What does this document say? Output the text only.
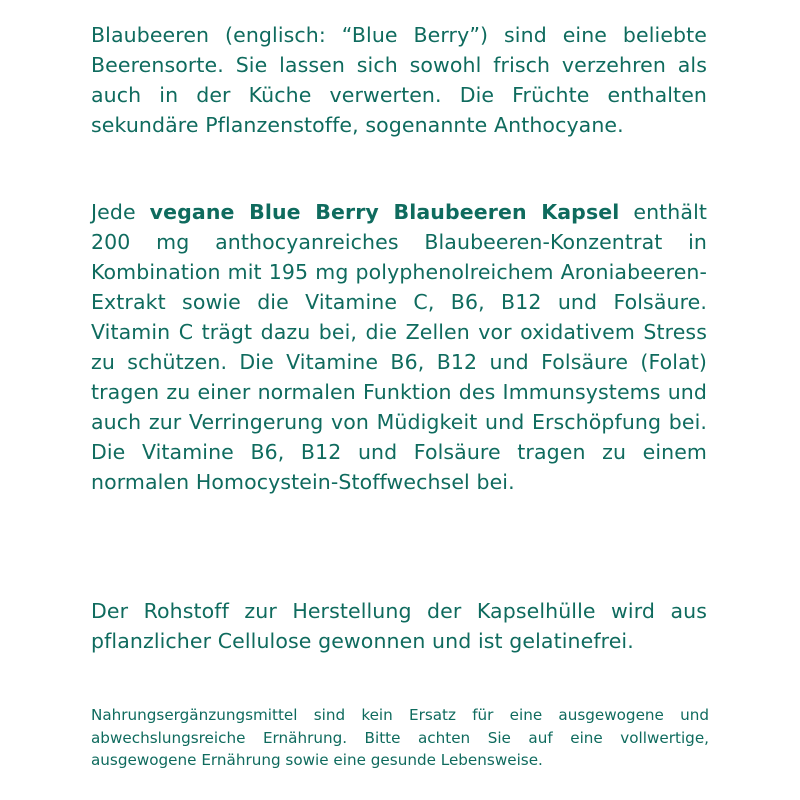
Blaubeeren (englisch: “Blue Berry”) sind eine beliebte Beerensorte. Sie lassen sich sowohl frisch verzehren als auch in der Küche verwerten. Die Früchte enthalten sekundäre Pflanzenstoffe, sogenannte Anthocyane.

Jede vegane Blue Berry Blaubeeren Kapsel enthält 200 mg anthocyanreiches Blaubeeren-Konzentrat in Kombination mit 195 mg polyphenolreichem Aroniabeeren-Extrakt sowie die Vitamine C, B6, B12 und Folsäure. Vitamin C trägt dazu bei, die Zellen vor oxidativem Stress zu schützen. Die Vitamine B6, B12 und Folsäure (Folat) tragen zu einer normalen Funktion des Immunsystems und auch zur Verringerung von Müdigkeit und Erschöpfung bei. Die Vitamine B6, B12 und Folsäure tragen zu einem normalen Homocystein-Stoffwechsel bei.

Der Rohstoff zur Herstellung der Kapselhülle wird aus pflanzlicher Cellulose gewonnen und ist gelatinefrei.

Nahrungsergänzungsmittel sind kein Ersatz für eine ausgewogene und abwechslungsreiche Ernährung. Bitte achten Sie auf eine vollwertige, ausgewogene Ernährung sowie eine gesunde Lebensweise.
